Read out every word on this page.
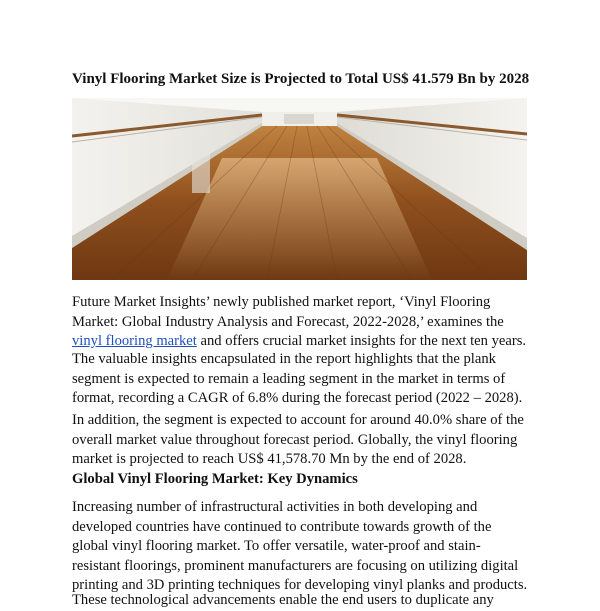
Vinyl Flooring Market Size is Projected to Total US$ 41.579 Bn by 2028

Future Market Insights’ newly published market report, ‘Vinyl Flooring Market: Global Industry Analysis and Forecast, 2022-2028,’ examines the vinyl flooring market and offers crucial market insights for the next ten years.

The valuable insights encapsulated in the report highlights that the plank segment is expected to remain a leading segment in the market in terms of format, recording a CAGR of 6.8% during the forecast period (2022 – 2028).

In addition, the segment is expected to account for around 40.0% share of the overall market value throughout forecast period. Globally, the vinyl flooring market is projected to reach US$ 41,578.70 Mn by the end of 2028.

Global Vinyl Flooring Market: Key Dynamics

Increasing number of infrastructural activities in both developing and developed countries have continued to contribute towards growth of the global vinyl flooring market. To offer versatile, water-proof and stain-resistant floorings, prominent manufacturers are focusing on utilizing digital printing and 3D printing techniques for developing vinyl planks and products.

These technological advancements enable the end users to duplicate any
